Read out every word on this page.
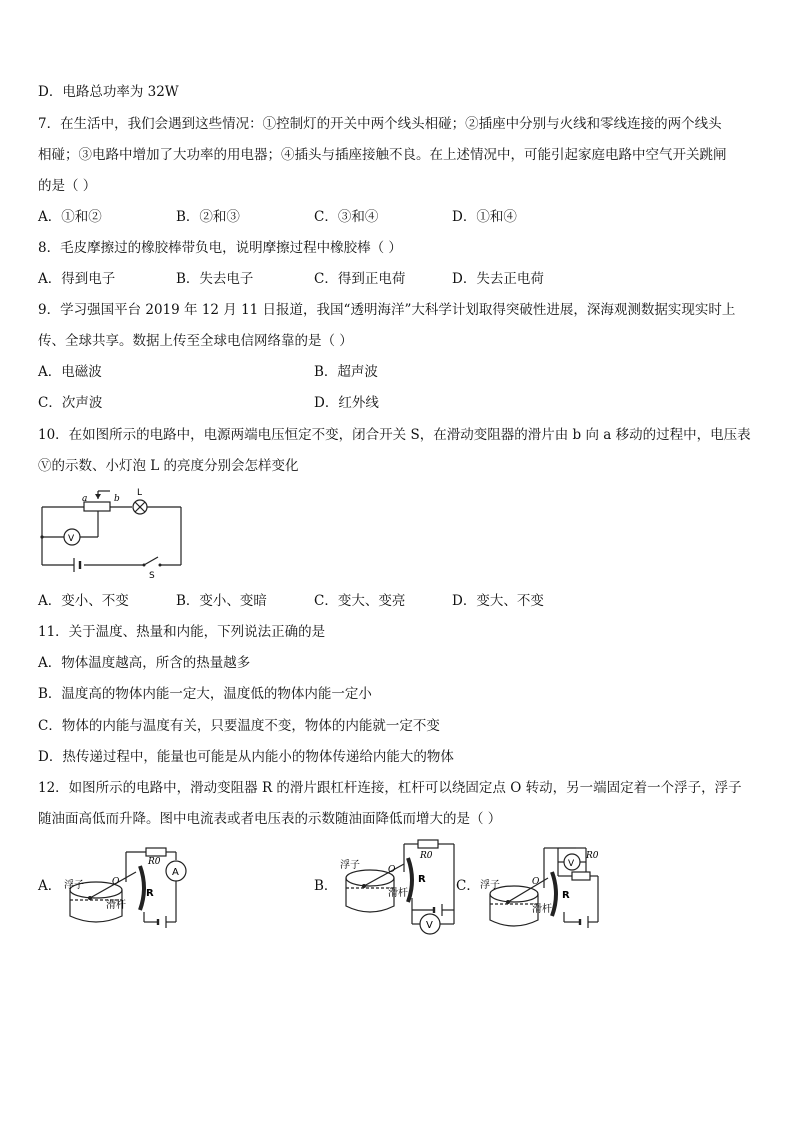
D．电路总功率为 32W
7．在生活中，我们会遇到这些情况：①控制灯的开关中两个线头相碰；②插座中分别与火线和零线连接的两个线头
相碰；③电路中增加了大功率的用电器；④插头与插座接触不良。在上述情况中，可能引起家庭电路中空气开关跳闸
的是（ ）
A．①和②	B．②和③	C．③和④	D．①和④
8．毛皮摩擦过的橡胶棒带负电，说明摩擦过程中橡胶棒（ ）
A．得到电子	B．失去电子	C．得到正电荷	D．失去正电荷
9．学习强国平台 2019 年 12 月 11 日报道，我国“透明海洋”大科学计划取得突破性进展，深海观测数据实现实时上
传、全球共享。数据上传至全球电信网络靠的是（ ）
A．电磁波	B．超声波
C．次声波	D．红外线
10．在如图所示的电路中，电源两端电压恒定不变，闭合开关 S，在滑动变阻器的滑片由 b 向 a 移动的过程中，电压表
Ⓥ的示数、小灯泡 L 的亮度分别会怎样变化
a	b
L
V
S
A．变小、不变	B．变小、变暗	C．变大、变亮	D．变大、不变
11．关于温度、热量和内能，下列说法正确的是
A．物体温度越高，所含的热量越多
B．温度高的物体内能一定大，温度低的物体内能一定小
C．物体的内能与温度有关，只要温度不变，物体的内能就一定不变
D．热传递过程中，能量也可能是从内能小的物体传递给内能大的物体
12．如图所示的电路中，滑动变阻器 R 的滑片跟杠杆连接，杠杆可以绕固定点 O 转动，另一端固定着一个浮子，浮子
随油面高低而升降。图中电流表或者电压表的示数随油面降低而增大的是（ ）
A．	B．	C．
浮子
滑杆
O
R
R0
A
浮子
滑杆
O
R
R0
V
浮子
滑杆
O
R
R0
V
